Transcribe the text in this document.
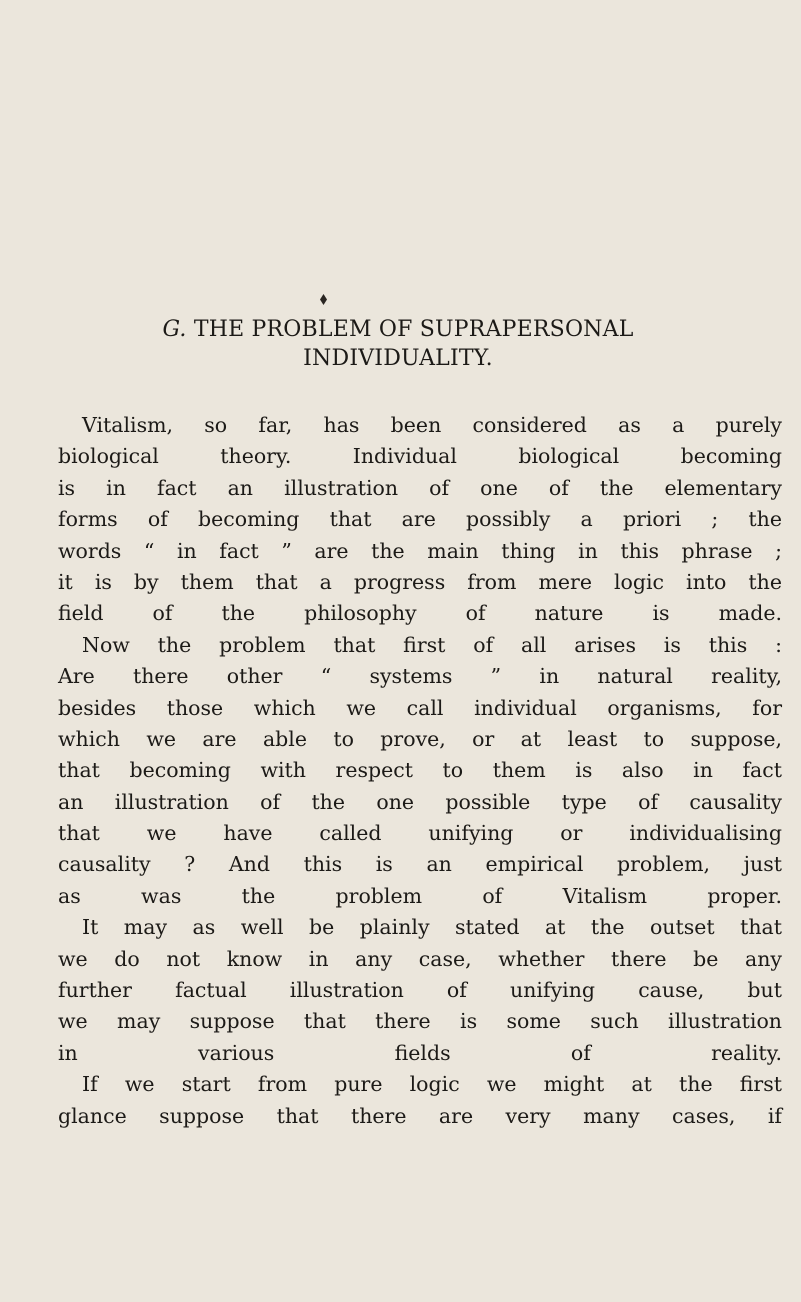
G. THE PROBLEM OF SUPRAPERSONAL
INDIVIDUALITY.
Vitalism, so far, has been considered as a purely
biological theory. Individual biological becoming
is in fact an illustration of one of the elementary
forms of becoming that are possibly a priori ; the
words “ in fact ” are the main thing in this phrase ;
it is by them that a progress from mere logic into the
field of the philosophy of nature is made.
Now the problem that first of all arises is this :
Are there other “ systems ” in natural reality,
besides those which we call individual organisms, for
which we are able to prove, or at least to suppose,
that becoming with respect to them is also in fact
an illustration of the one possible type of causality
that we have called unifying or individualising
causality ? And this is an empirical problem, just
as was the problem of Vitalism proper.
It may as well be plainly stated at the outset that
we do not know in any case, whether there be any
further factual illustration of unifying cause, but
we may suppose that there is some such illustration
in various fields of reality.
If we start from pure logic we might at the first
glance suppose that there are very many cases, if
